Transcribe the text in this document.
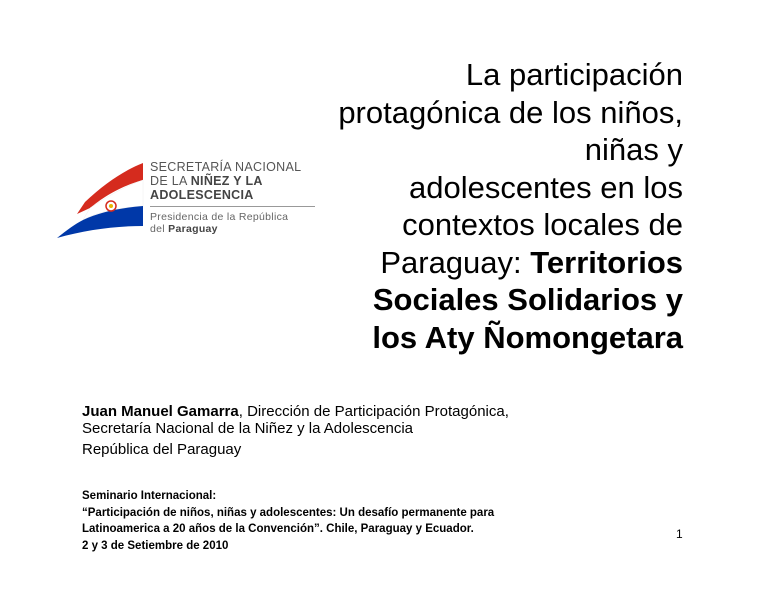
La participación
protagónica de los niños,
niñas y
adolescentes en los
contextos locales de
Paraguay: Territorios
Sociales Solidarios y
los Aty Ñomongetara
SECRETARÍA NACIONAL
DE LA NIÑEZ Y LA
ADOLESCENCIA
Presidencia de la República
del Paraguay
Juan Manuel Gamarra, Dirección de Participación Protagónica,
Secretaría Nacional de la Niñez y la Adolescencia
República del Paraguay
Seminario Internacional:
“Participación de niños, niñas y adolescentes: Un desafío permanente para
Latinoamerica a 20 años de la Convención”. Chile, Paraguay y Ecuador.
2 y 3 de Setiembre de 2010
1
